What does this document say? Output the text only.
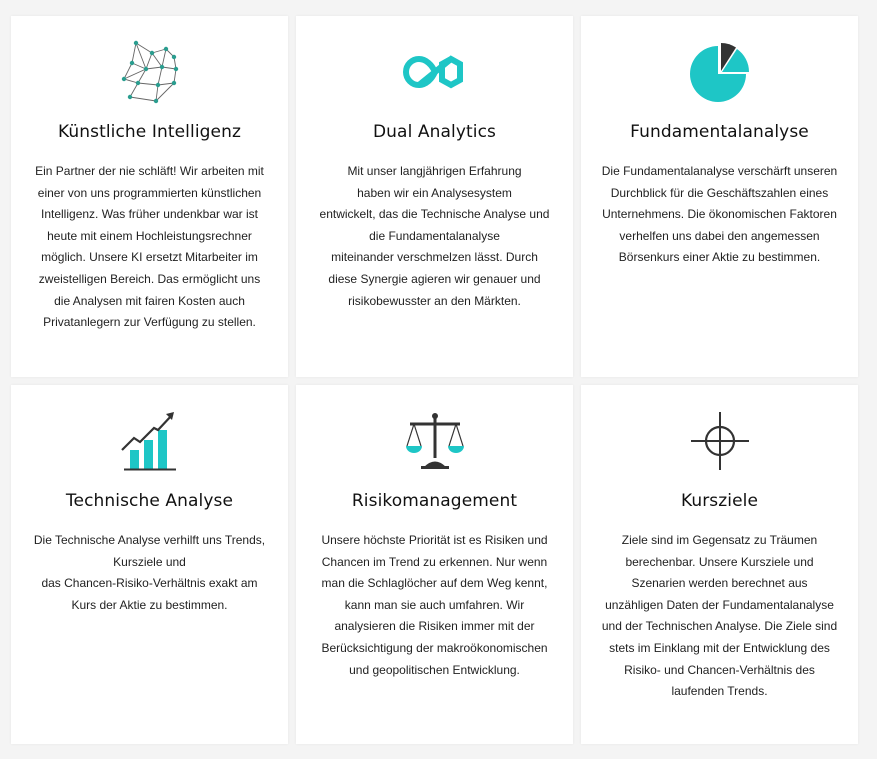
Künstliche Intelligenz
Ein Partner der nie schläft! Wir arbeiten mit
einer von uns programmierten künstlichen
Intelligenz. Was früher undenkbar war ist
heute mit einem Hochleistungsrechner
möglich. Unsere KI ersetzt Mitarbeiter im
zweistelligen Bereich. Das ermöglicht uns
die Analysen mit fairen Kosten auch
Privatanlegern zur Verfügung zu stellen.
Dual Analytics
Mit unser langjährigen Erfahrung
haben wir ein Analysesystem
entwickelt, das die Technische Analyse und
die Fundamentalanalyse
miteinander verschmelzen lässt. Durch
diese Synergie agieren wir genauer und
risikobewusster an den Märkten.
Fundamentalanalyse
Die Fundamentalanalyse verschärft unseren
Durchblick für die Geschäftszahlen eines
Unternehmens. Die ökonomischen Faktoren
verhelfen uns dabei den angemessen
Börsenkurs einer Aktie zu bestimmen.
Technische Analyse
Die Technische Analyse verhilft uns Trends,
Kursziele und
das Chancen-Risiko-Verhältnis exakt am
Kurs der Aktie zu bestimmen.
Risikomanagement
Unsere höchste Priorität ist es Risiken und
Chancen im Trend zu erkennen. Nur wenn
man die Schlaglöcher auf dem Weg kennt,
kann man sie auch umfahren. Wir
analysieren die Risiken immer mit der
Berücksichtigung der makroökonomischen
und geopolitischen Entwicklung.
Kursziele
Ziele sind im Gegensatz zu Träumen
berechenbar. Unsere Kursziele und
Szenarien werden berechnet aus
unzähligen Daten der Fundamentalanalyse
und der Technischen Analyse. Die Ziele sind
stets im Einklang mit der Entwicklung des
Risiko- und Chancen-Verhältnis des
laufenden Trends.
